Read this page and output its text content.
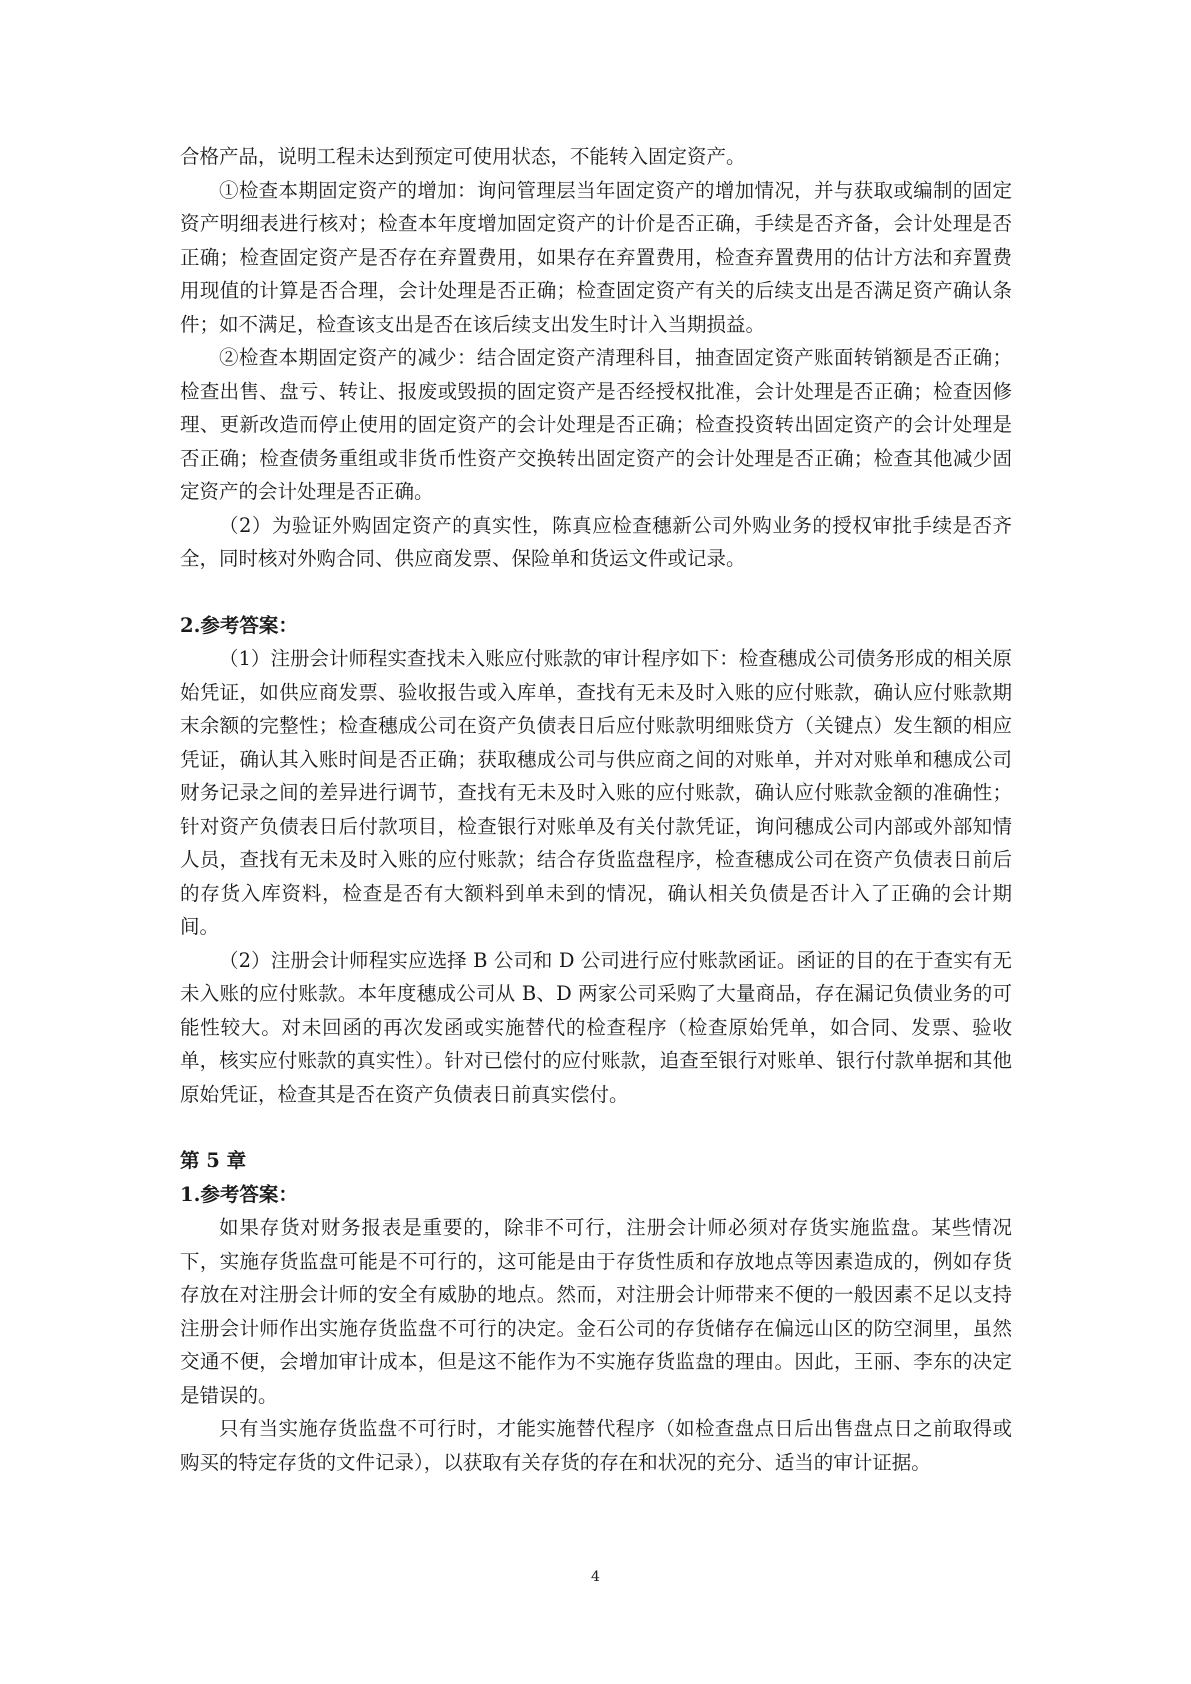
合格产品，说明工程未达到预定可使用状态，不能转入固定资产。

①检查本期固定资产的增加：询问管理层当年固定资产的增加情况，并与获取或编制的固定资产明细表进行核对；检查本年度增加固定资产的计价是否正确，手续是否齐备，会计处理是否正确；检查固定资产是否存在弃置费用，如果存在弃置费用，检查弃置费用的估计方法和弃置费用现值的计算是否合理，会计处理是否正确；检查固定资产有关的后续支出是否满足资产确认条件；如不满足，检查该支出是否在该后续支出发生时计入当期损益。

②检查本期固定资产的减少：结合固定资产清理科目，抽查固定资产账面转销额是否正确；检查出售、盘亏、转让、报废或毁损的固定资产是否经授权批准，会计处理是否正确；检查因修理、更新改造而停止使用的固定资产的会计处理是否正确；检查投资转出固定资产的会计处理是否正确；检查债务重组或非货币性资产交换转出固定资产的会计处理是否正确；检查其他减少固定资产的会计处理是否正确。

（2）为验证外购固定资产的真实性，陈真应检查穗新公司外购业务的授权审批手续是否齐全，同时核对外购合同、供应商发票、保险单和货运文件或记录。

2.参考答案：

（1）注册会计师程实查找未入账应付账款的审计程序如下：检查穗成公司债务形成的相关原始凭证，如供应商发票、验收报告或入库单，查找有无未及时入账的应付账款，确认应付账款期末余额的完整性；检查穗成公司在资产负债表日后应付账款明细账贷方（关键点）发生额的相应凭证，确认其入账时间是否正确；获取穗成公司与供应商之间的对账单，并对对账单和穗成公司财务记录之间的差异进行调节，查找有无未及时入账的应付账款，确认应付账款金额的准确性；针对资产负债表日后付款项目，检查银行对账单及有关付款凭证，询问穗成公司内部或外部知情人员，查找有无未及时入账的应付账款；结合存货监盘程序，检查穗成公司在资产负债表日前后的存货入库资料，检查是否有大额料到单未到的情况，确认相关负债是否计入了正确的会计期间。

（2）注册会计师程实应选择 B 公司和 D 公司进行应付账款函证。函证的目的在于查实有无未入账的应付账款。本年度穗成公司从 B、D 两家公司采购了大量商品，存在漏记负债业务的可能性较大。对未回函的再次发函或实施替代的检查程序（检查原始凭单，如合同、发票、验收单，核实应付账款的真实性）。针对已偿付的应付账款，追查至银行对账单、银行付款单据和其他原始凭证，检查其是否在资产负债表日前真实偿付。

第 5 章
1.参考答案：

如果存货对财务报表是重要的，除非不可行，注册会计师必须对存货实施监盘。某些情况下，实施存货监盘可能是不可行的，这可能是由于存货性质和存放地点等因素造成的，例如存货存放在对注册会计师的安全有威胁的地点。然而，对注册会计师带来不便的一般因素不足以支持注册会计师作出实施存货监盘不可行的决定。金石公司的存货储存在偏远山区的防空洞里，虽然交通不便，会增加审计成本，但是这不能作为不实施存货监盘的理由。因此，王丽、李东的决定是错误的。

只有当实施存货监盘不可行时，才能实施替代程序（如检查盘点日后出售盘点日之前取得或购买的特定存货的文件记录），以获取有关存货的存在和状况的充分、适当的审计证据。

4
